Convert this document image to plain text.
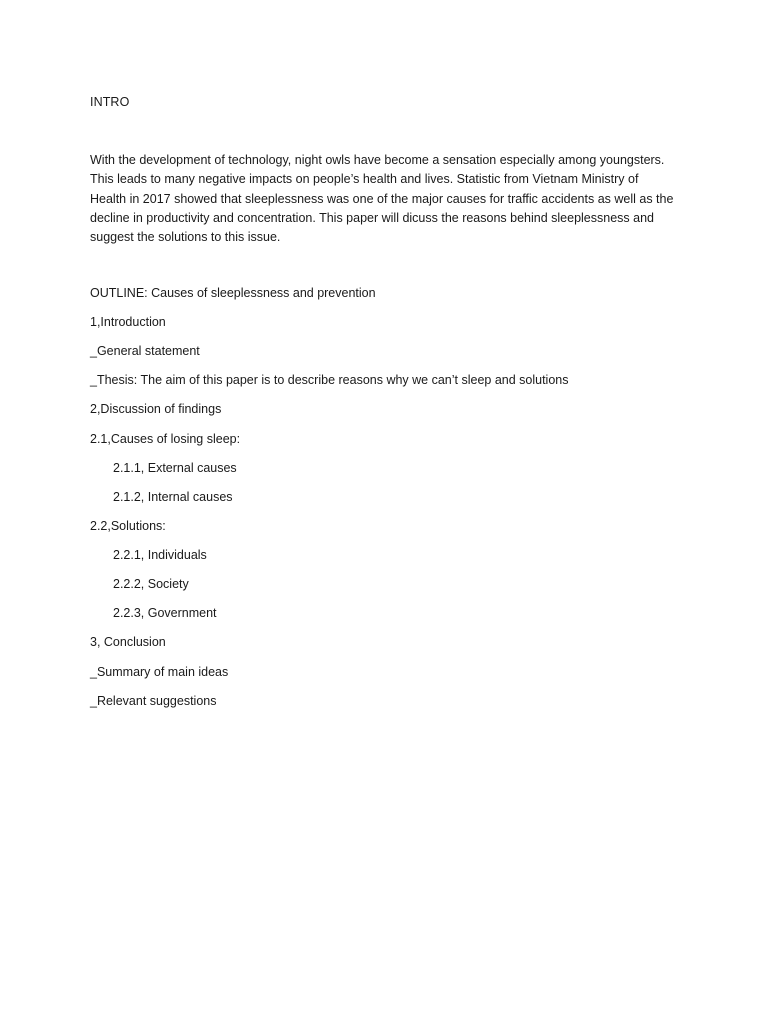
INTRO
With the development of technology, night owls have become a sensation especially among youngsters.
This leads to many negative impacts on people’s health and lives. Statistic from Vietnam Ministry of
Health in 2017 showed that sleeplessness was one of the major causes for traffic accidents as well as the
decline in productivity and concentration. This paper will dicuss the reasons behind sleeplessness and
suggest the solutions to this issue.
OUTLINE: Causes of sleeplessness and prevention
1,Introduction
_General statement
_Thesis: The aim of this paper is to describe reasons why we can’t sleep and solutions
2,Discussion of findings
2.1,Causes of losing sleep:
2.1.1, External causes
2.1.2, Internal causes
2.2,Solutions:
2.2.1, Individuals
2.2.2, Society
2.2.3, Government
3, Conclusion
_Summary of main ideas
_Relevant suggestions
